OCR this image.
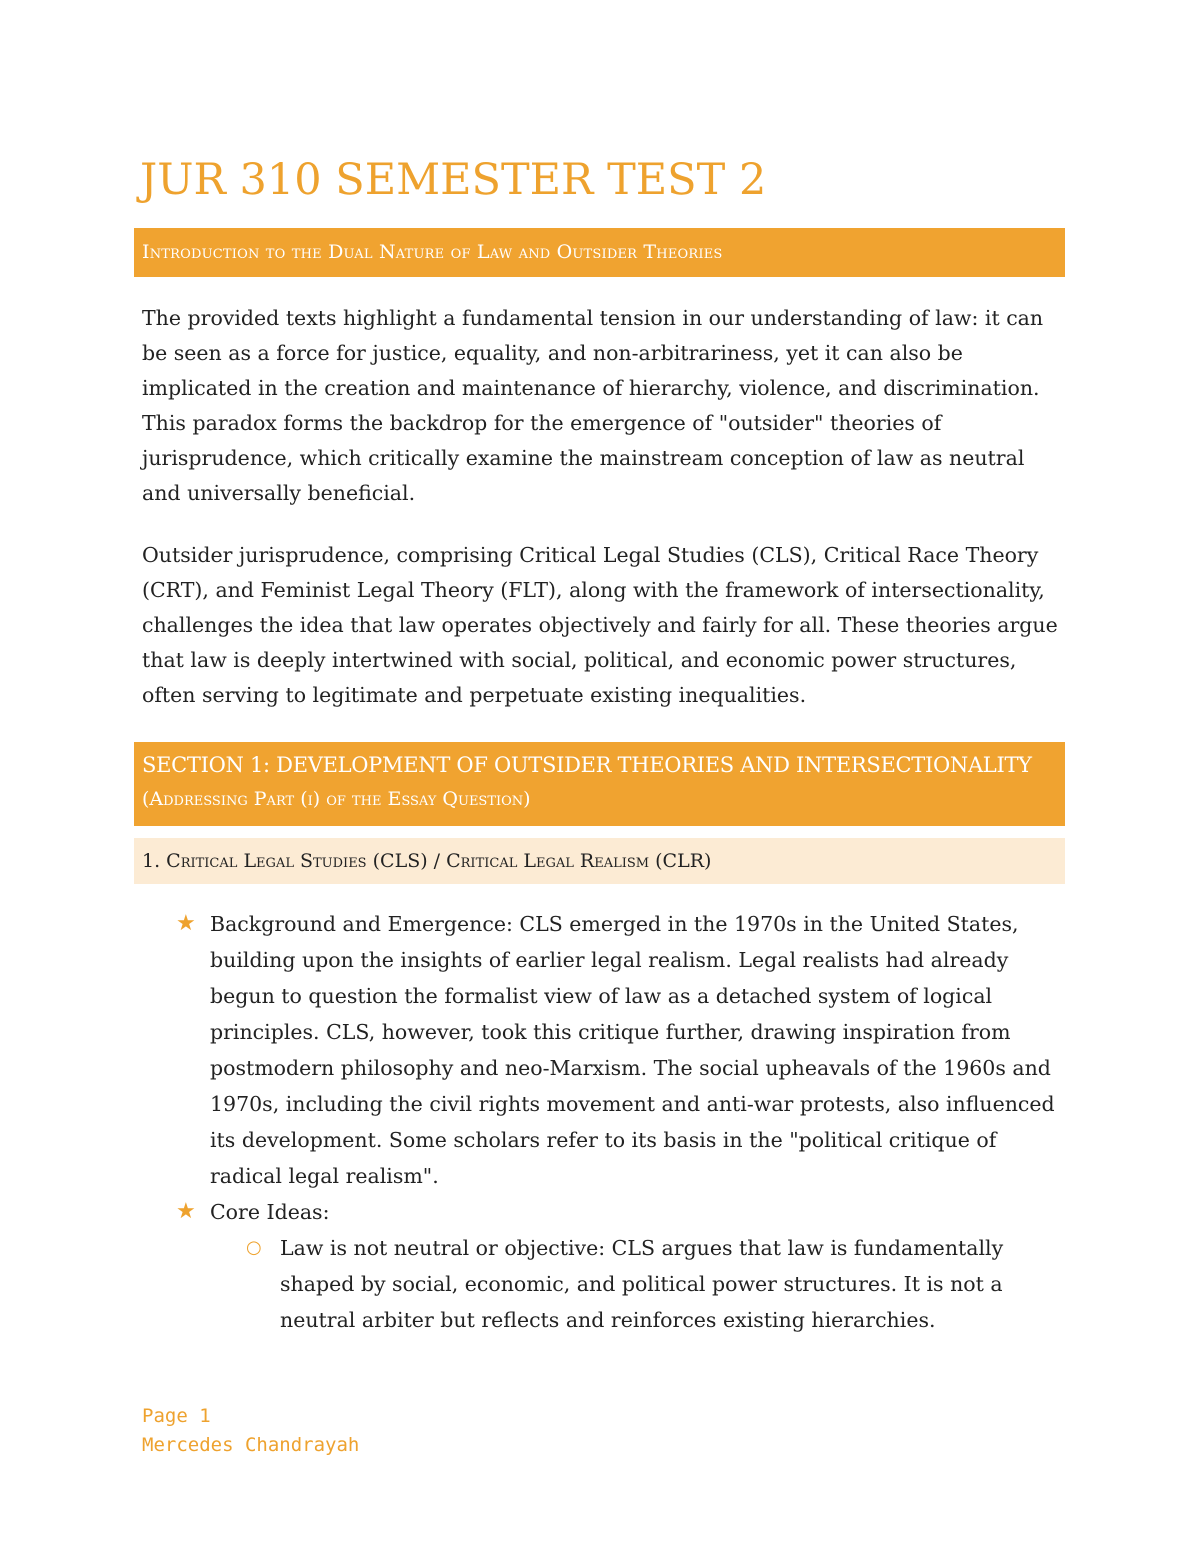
JUR 310 SEMESTER TEST 2
Introduction to the Dual Nature of Law and Outsider Theories

The provided texts highlight a fundamental tension in our understanding of law: it can be seen as a force for justice, equality, and non-arbitrariness, yet it can also be implicated in the creation and maintenance of hierarchy, violence, and discrimination. This paradox forms the backdrop for the emergence of "outsider" theories of jurisprudence, which critically examine the mainstream conception of law as neutral and universally beneficial.

Outsider jurisprudence, comprising Critical Legal Studies (CLS), Critical Race Theory (CRT), and Feminist Legal Theory (FLT), along with the framework of intersectionality, challenges the idea that law operates objectively and fairly for all. These theories argue that law is deeply intertwined with social, political, and economic power structures, often serving to legitimate and perpetuate existing inequalities.

SECTION 1: DEVELOPMENT OF OUTSIDER THEORIES AND INTERSECTIONALITY
(Addressing Part (i) of the Essay Question)
1. Critical Legal Studies (CLS) / Critical Legal Realism (CLR)
★ Background and Emergence: CLS emerged in the 1970s in the United States, building upon the insights of earlier legal realism. Legal realists had already begun to question the formalist view of law as a detached system of logical principles. CLS, however, took this critique further, drawing inspiration from postmodern philosophy and neo-Marxism. The social upheavals of the 1960s and 1970s, including the civil rights movement and anti-war protests, also influenced its development. Some scholars refer to its basis in the "political critique of radical legal realism".
★ Core Ideas:
○ Law is not neutral or objective: CLS argues that law is fundamentally shaped by social, economic, and political power structures. It is not a neutral arbiter but reflects and reinforces existing hierarchies.
Page 1
Mercedes Chandrayah
